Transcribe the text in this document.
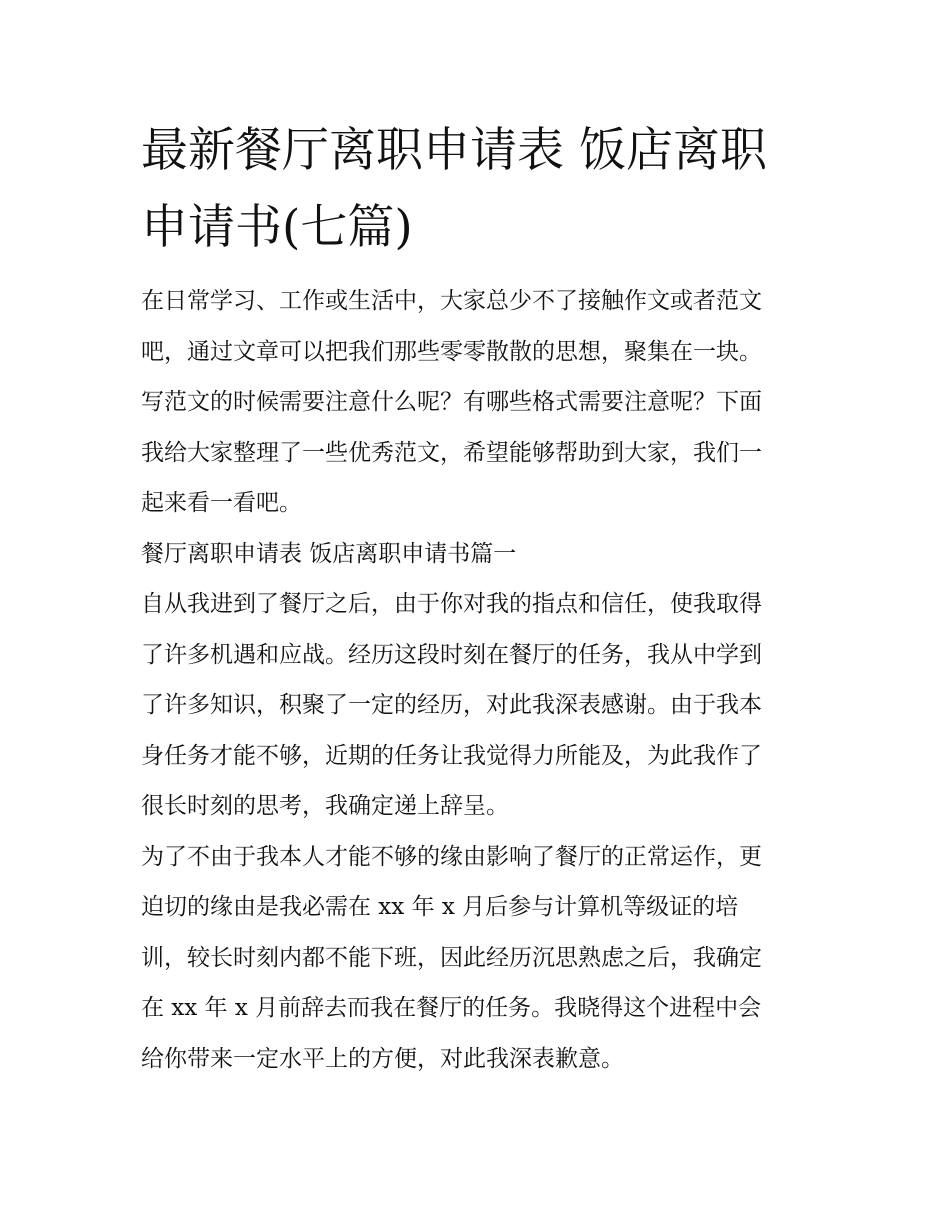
最新餐厅离职申请表 饭店离职
申请书(七篇)
在日常学习、工作或生活中，大家总少不了接触作文或者范文
吧，通过文章可以把我们那些零零散散的思想，聚集在一块。
写范文的时候需要注意什么呢？有哪些格式需要注意呢？下面
我给大家整理了一些优秀范文，希望能够帮助到大家，我们一
起来看一看吧。
餐厅离职申请表 饭店离职申请书篇一
自从我进到了餐厅之后，由于你对我的指点和信任，使我取得
了许多机遇和应战。经历这段时刻在餐厅的任务，我从中学到
了许多知识，积聚了一定的经历，对此我深表感谢。由于我本
身任务才能不够，近期的任务让我觉得力所能及，为此我作了
很长时刻的思考，我确定递上辞呈。
为了不由于我本人才能不够的缘由影响了餐厅的正常运作，更
迫切的缘由是我必需在 xx 年 x 月后参与计算机等级证的培
训，较长时刻内都不能下班，因此经历沉思熟虑之后，我确定
在 xx 年 x 月前辞去而我在餐厅的任务。我晓得这个进程中会
给你带来一定水平上的方便，对此我深表歉意。
